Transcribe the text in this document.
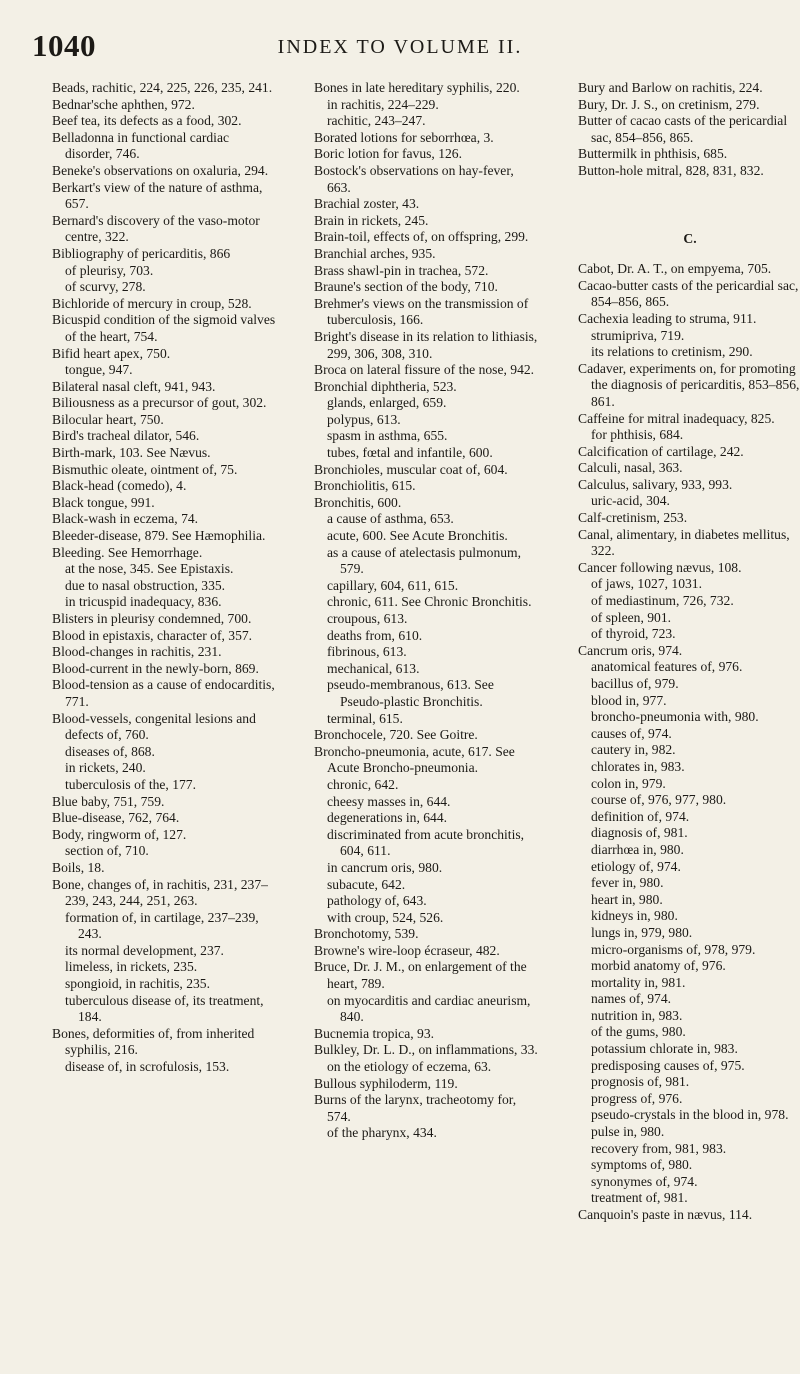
1040	INDEX TO VOLUME II.
Beads, rachitic, 224, 225, 226, 235, 241.
Bednar'sche aphthen, 972.
Beef tea, its defects as a food, 302.
Belladonna in functional cardiac disorder, 746.
Beneke's observations on oxaluria, 294.
Berkart's view of the nature of asthma, 657.
Bernard's discovery of the vaso-motor centre, 322.
Bibliography of pericarditis, 866
of pleurisy, 703.
of scurvy, 278.
Bichloride of mercury in croup, 528.
Bicuspid condition of the sigmoid valves of the heart, 754.
Bifid heart apex, 750.
tongue, 947.
Bilateral nasal cleft, 941, 943.
Biliousness as a precursor of gout, 302.
Bilocular heart, 750.
Bird's tracheal dilator, 546.
Birth-mark, 103. See Nævus.
Bismuthic oleate, ointment of, 75.
Black-head (comedo), 4.
Black tongue, 991.
Black-wash in eczema, 74.
Bleeder-disease, 879. See Hæmophilia.
Bleeding. See Hemorrhage.
at the nose, 345. See Epistaxis.
due to nasal obstruction, 335.
in tricuspid inadequacy, 836.
Blisters in pleurisy condemned, 700.
Blood in epistaxis, character of, 357.
Blood-changes in rachitis, 231.
Blood-current in the newly-born, 869.
Blood-tension as a cause of endocarditis, 771.
Blood-vessels, congenital lesions and defects of, 760.
diseases of, 868.
in rickets, 240.
tuberculosis of the, 177.
Blue baby, 751, 759.
Blue-disease, 762, 764.
Body, ringworm of, 127.
section of, 710.
Boils, 18.
Bone, changes of, in rachitis, 231, 237–239, 243, 244, 251, 263.
formation of, in cartilage, 237–239, 243.
its normal development, 237.
limeless, in rickets, 235.
spongioid, in rachitis, 235.
tuberculous disease of, its treatment, 184.
Bones, deformities of, from inherited syphilis, 216.
disease of, in scrofulosis, 153.
Bones in late hereditary syphilis, 220.
in rachitis, 224–229.
rachitic, 243–247.
Borated lotions for seborrhœa, 3.
Boric lotion for favus, 126.
Bostock's observations on hay-fever, 663.
Brachial zoster, 43.
Brain in rickets, 245.
Brain-toil, effects of, on offspring, 299.
Branchial arches, 935.
Brass shawl-pin in trachea, 572.
Braune's section of the body, 710.
Brehmer's views on the transmission of tuberculosis, 166.
Bright's disease in its relation to lithiasis, 299, 306, 308, 310.
Broca on lateral fissure of the nose, 942.
Bronchial diphtheria, 523.
glands, enlarged, 659.
polypus, 613.
spasm in asthma, 655.
tubes, fœtal and infantile, 600.
Bronchioles, muscular coat of, 604.
Bronchiolitis, 615.
Bronchitis, 600.
a cause of asthma, 653.
acute, 600. See Acute Bronchitis.
as a cause of atelectasis pulmonum, 579.
capillary, 604, 611, 615.
chronic, 611. See Chronic Bronchitis.
croupous, 613.
deaths from, 610.
fibrinous, 613.
mechanical, 613.
pseudo-membranous, 613. See Pseudo-plastic Bronchitis.
terminal, 615.
Bronchocele, 720. See Goitre.
Broncho-pneumonia, acute, 617. See Acute Broncho-pneumonia.
chronic, 642.
cheesy masses in, 644.
degenerations in, 644.
discriminated from acute bronchitis, 604, 611.
in cancrum oris, 980.
subacute, 642.
pathology of, 643.
with croup, 524, 526.
Bronchotomy, 539.
Browne's wire-loop écraseur, 482.
Bruce, Dr. J. M., on enlargement of the heart, 789.
on myocarditis and cardiac aneurism, 840.
Bucnemia tropica, 93.
Bulkley, Dr. L. D., on inflammations, 33.
on the etiology of eczema, 63.
Bullous syphiloderm, 119.
Burns of the larynx, tracheotomy for, 574.
of the pharynx, 434.
Bury and Barlow on rachitis, 224.
Bury, Dr. J. S., on cretinism, 279.
Butter of cacao casts of the pericardial sac, 854–856, 865.
Buttermilk in phthisis, 685.
Button-hole mitral, 828, 831, 832.
C.
Cabot, Dr. A. T., on empyema, 705.
Cacao-butter casts of the pericardial sac, 854–856, 865.
Cachexia leading to struma, 911.
strumipriva, 719.
its relations to cretinism, 290.
Cadaver, experiments on, for promoting the diagnosis of pericarditis, 853–856, 861.
Caffeine for mitral inadequacy, 825.
for phthisis, 684.
Calcification of cartilage, 242.
Calculi, nasal, 363.
Calculus, salivary, 933, 993.
uric-acid, 304.
Calf-cretinism, 253.
Canal, alimentary, in diabetes mellitus, 322.
Cancer following nævus, 108.
of jaws, 1027, 1031.
of mediastinum, 726, 732.
of spleen, 901.
of thyroid, 723.
Cancrum oris, 974.
anatomical features of, 976.
bacillus of, 979.
blood in, 977.
broncho-pneumonia with, 980.
causes of, 974.
cautery in, 982.
chlorates in, 983.
colon in, 979.
course of, 976, 977, 980.
definition of, 974.
diagnosis of, 981.
diarrhœa in, 980.
etiology of, 974.
fever in, 980.
heart in, 980.
kidneys in, 980.
lungs in, 979, 980.
micro-organisms of, 978, 979.
morbid anatomy of, 976.
mortality in, 981.
names of, 974.
nutrition in, 983.
of the gums, 980.
potassium chlorate in, 983.
predisposing causes of, 975.
prognosis of, 981.
progress of, 976.
pseudo-crystals in the blood in, 978.
pulse in, 980.
recovery from, 981, 983.
symptoms of, 980.
synonymes of, 974.
treatment of, 981.
Canquoin's paste in nævus, 114.
